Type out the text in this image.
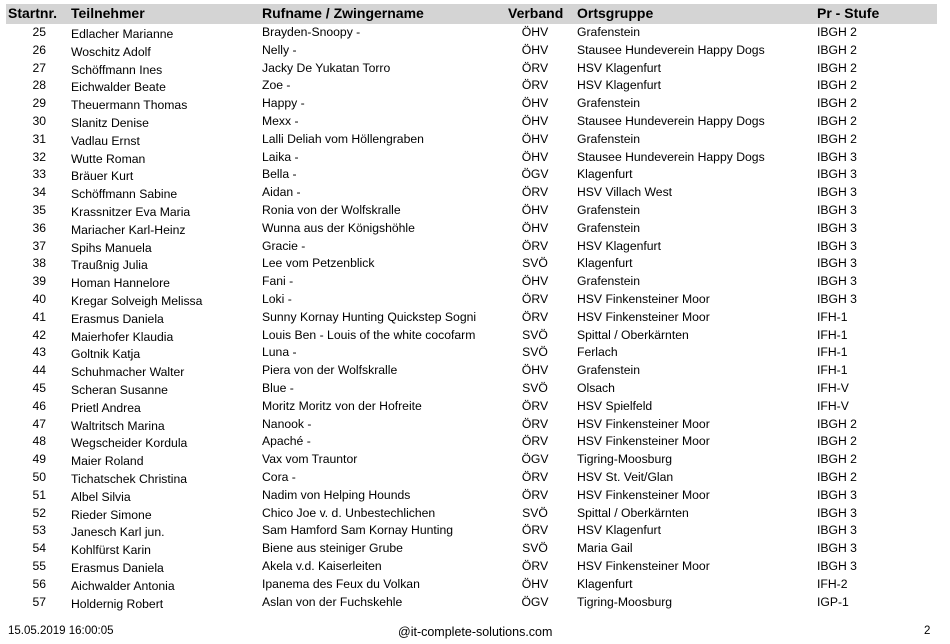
Startnr. Teilnehmer	Rufname / Zwingername	Verband Ortsgruppe	Pr - Stufe
25 Edlacher Marianne	Brayden-Snoopy -	ÖHV	Grafenstein	IBGH 2
26 Woschitz Adolf	Nelly -	ÖHV	Stausee Hundeverein Happy Dogs	IBGH 2
27 Schöffmann Ines	Jacky De Yukatan Torro	ÖRV	HSV Klagenfurt	IBGH 2
28 Eichwalder Beate	Zoe -	ÖRV	HSV Klagenfurt	IBGH 2
29 Theuermann Thomas	Happy -	ÖHV	Grafenstein	IBGH 2
30 Slanitz Denise	Mexx -	ÖHV	Stausee Hundeverein Happy Dogs	IBGH 2
31 Vadlau Ernst	Lalli Deliah vom Höllengraben	ÖHV	Grafenstein	IBGH 2
32 Wutte Roman	Laika -	ÖHV	Stausee Hundeverein Happy Dogs	IBGH 3
33 Bräuer Kurt	Bella -	ÖGV	Klagenfurt	IBGH 3
34 Schöffmann Sabine	Aidan -	ÖRV	HSV Villach West	IBGH 3
35 Krassnitzer Eva Maria	Ronia von der Wolfskralle	ÖHV	Grafenstein	IBGH 3
36 Mariacher Karl-Heinz	Wunna aus der Königshöhle	ÖHV	Grafenstein	IBGH 3
37 Spihs Manuela	Gracie -	ÖRV	HSV Klagenfurt	IBGH 3
38 Traußnig Julia	Lee vom Petzenblick	SVÖ	Klagenfurt	IBGH 3
39 Homan Hannelore	Fani -	ÖHV	Grafenstein	IBGH 3
40 Kregar Solveigh Melissa	Loki -	ÖRV	HSV Finkensteiner Moor	IBGH 3
41 Erasmus Daniela	Sunny Kornay Hunting Quickstep Sogni	ÖRV	HSV Finkensteiner Moor	IFH-1
42 Maierhofer Klaudia	Louis Ben - Louis of the white cocofarm	SVÖ	Spittal / Oberkärnten	IFH-1
43 Goltnik Katja	Luna -	SVÖ	Ferlach	IFH-1
44 Schuhmacher Walter	Piera von der Wolfskralle	ÖHV	Grafenstein	IFH-1
45 Scheran Susanne	Blue -	SVÖ	Olsach	IFH-V
46 Prietl Andrea	Moritz Moritz von der Hofreite	ÖRV	HSV Spielfeld	IFH-V
47 Waltritsch Marina	Nanook -	ÖRV	HSV Finkensteiner Moor	IBGH 2
48 Wegscheider Kordula	Apaché -	ÖRV	HSV Finkensteiner Moor	IBGH 2
49 Maier Roland	Vax vom Trauntor	ÖGV	Tigring-Moosburg	IBGH 2
50 Tichatschek Christina	Cora -	ÖRV	HSV St. Veit/Glan	IBGH 2
51 Albel Silvia	Nadim von Helping Hounds	ÖRV	HSV Finkensteiner Moor	IBGH 3
52 Rieder Simone	Chico Joe v. d. Unbestechlichen	SVÖ	Spittal / Oberkärnten	IBGH 3
53 Janesch Karl jun.	Sam Hamford Sam Kornay Hunting	ÖRV	HSV Klagenfurt	IBGH 3
54 Kohlfürst Karin	Biene aus steiniger Grube	SVÖ	Maria Gail	IBGH 3
55 Erasmus Daniela	Akela v.d. Kaiserleiten	ÖRV	HSV Finkensteiner Moor	IBGH 3
56 Aichwalder Antonia	Ipanema des Feux du Volkan	ÖHV	Klagenfurt	IFH-2
57 Holdernig Robert	Aslan von der Fuchskehle	ÖGV	Tigring-Moosburg	IGP-1
15.05.2019 16:00:05	@it-complete-solutions.com	2
